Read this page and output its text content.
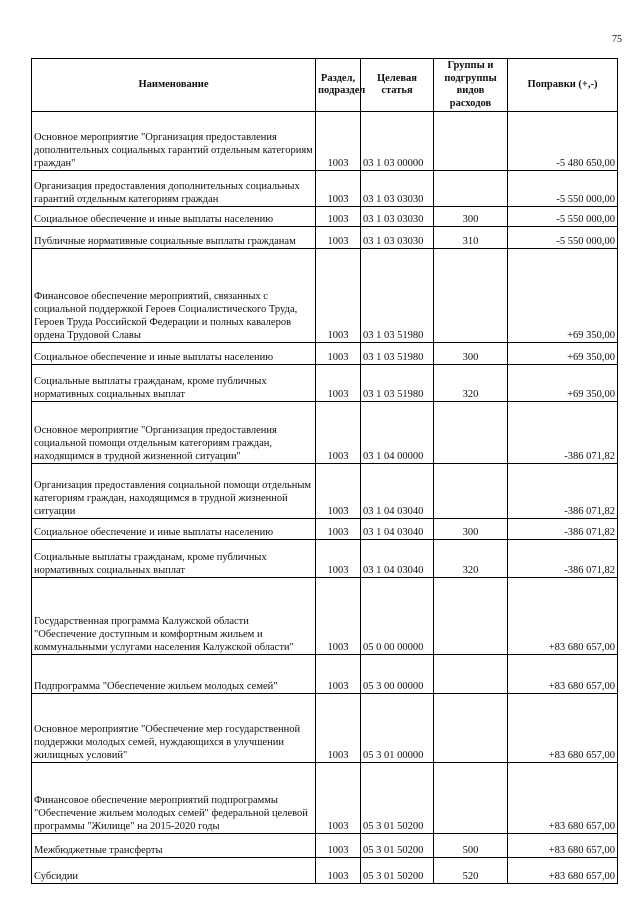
75
Наименование	Раздел, подраздел	Целевая статья	Группы и подгруппы видов расходов	Поправки (+,-)
Основное мероприятие "Организация предоставления дополнительных социальных гарантий отдельным категориям граждан"	1003	03 1 03 00000		-5 480 650,00
Организация предоставления дополнительных социальных гарантий отдельным категориям граждан	1003	03 1 03 03030		-5 550 000,00
Социальное обеспечение и иные выплаты населению	1003	03 1 03 03030	300	-5 550 000,00
Публичные нормативные социальные выплаты гражданам	1003	03 1 03 03030	310	-5 550 000,00
Финансовое обеспечение мероприятий, связанных с социальной поддержкой Героев Социалистического Труда, Героев Труда Российской Федерации и полных кавалеров ордена Трудовой Славы	1003	03 1 03 51980		+69 350,00
Социальное обеспечение и иные выплаты населению	1003	03 1 03 51980	300	+69 350,00
Социальные выплаты гражданам, кроме публичных нормативных социальных выплат	1003	03 1 03 51980	320	+69 350,00
Основное мероприятие "Организация предоставления социальной помощи отдельным категориям граждан, находящимся в трудной жизненной ситуации"	1003	03 1 04 00000		-386 071,82
Организация предоставления социальной помощи отдельным категориям граждан, находящимся в трудной жизненной ситуации	1003	03 1 04 03040		-386 071,82
Социальное обеспечение и иные выплаты населению	1003	03 1 04 03040	300	-386 071,82
Социальные выплаты гражданам, кроме публичных нормативных социальных выплат	1003	03 1 04 03040	320	-386 071,82
Государственная программа Калужской области "Обеспечение доступным и комфортным жильем и коммунальными услугами населения Калужской области"	1003	05 0 00 00000		+83 680 657,00
Подпрограмма "Обеспечение жильем молодых семей"	1003	05 3 00 00000		+83 680 657,00
Основное мероприятие "Обеспечение мер государственной поддержки молодых семей, нуждающихся в улучшении жилищных условий"	1003	05 3 01 00000		+83 680 657,00
Финансовое обеспечение мероприятий подпрограммы "Обеспечение жильем молодых семей" федеральной целевой программы "Жилище" на 2015-2020 годы	1003	05 3 01 50200		+83 680 657,00
Межбюджетные трансферты	1003	05 3 01 50200	500	+83 680 657,00
Субсидии	1003	05 3 01 50200	520	+83 680 657,00
